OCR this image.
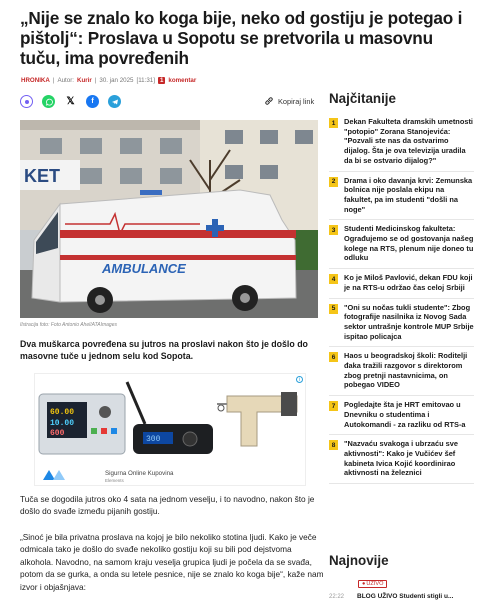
„Nije se znalo ko koga bije, neko od gostiju je potegao i pištolj“: Proslava u Sopotu se pretvorila u masovnu tuču, ima povređenih
HRONIKA | Autor: Kurir | 30. jan 2025 [11:31] 1 komentar
𝕏	f	Kopiraj link
KET
AMBULANCE
Ilstracija foto: Foto Antonio Ahel/ATAImages

Dva muškarca povređena su jutros na proslavi nakon što je došlo do masovne tuče u jednom selu kod Sopota.

i
60.00
10.00
600
300
Sigurna Online Kupovina
Elements

Tuča se dogodila jutros oko 4 sata na jednom veselju, i to navodno, nakon što je došlo do svađe između pijanih gostiju.

„Sinoć je bila privatna proslava na kojoj je bilo nekoliko stotina ljudi. Kako je veče odmicala tako je došlo do svađe nekoliko gostiju koji su bili pod dejstvoma alkohola. Navodno, na samom kraju veselja grupica ljudi je počela da se svađa, potom da se gurka, a onda su letele pesnice, nije se znalo ko koga bije“, kaže nam izvor i objašnjava:

Najčitanije
1	Dekan Fakulteta dramskih umetnosti "potopio" Zorana Stanojevića: "Pozvali ste nas da ostvarimo dijalog. Šta je ova televizija uradila da bi se ostvario dijalog?"
2	Drama i oko davanja krvi: Zemunska bolnica nije poslala ekipu na fakultet, pa im studenti "došli na noge"
3	Studenti Medicinskog fakulteta: Ograđujemo se od gostovanja našeg kolege na RTS, plenum nije doneo tu odluku
4	Ko je Miloš Pavlović, dekan FDU koji je na RTS-u održao čas celoj Srbiji
5	"Oni su nočas tukli studente": Zbog fotografije nasilnika iz Novog Sada sektor untrašnje kontrole MUP Srbije ispitao policajca
6	Haos u beogradskoj školi: Roditelji đaka tražili razgovor s direktorom zbog pretnji nastavnicima, on pobegao VIDEO
7	Pogledajte šta je HRT emitovao u Dnevniku o studentima i Autokomandi - za razliku od RTS-a
8	"Nazvaću svakoga i ubrzaću sve aktivnosti": Kako je Vučićev šef kabineta Ivica Kojić koordinirao aktivnosti na železnici
Najnovije
● UŽIVO
22:22 BLOG UŽIVO Studenti stigli u...
